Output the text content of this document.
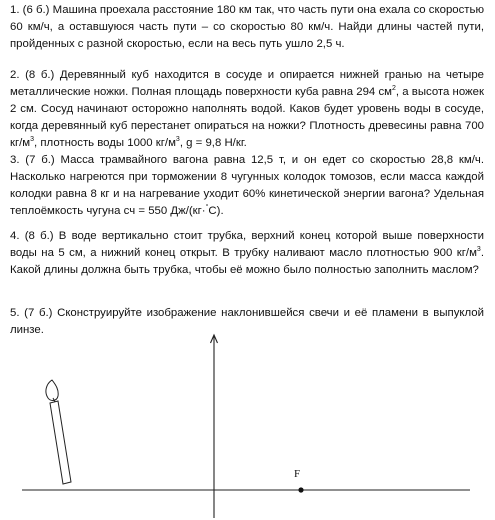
1. (6 б.) Машина проехала расстояние 180 км так, что часть пути она ехала со скоростью 60 км/ч, а оставшуюся часть пути – со скоростью 80 км/ч. Найди длины частей пути, пройденных с разной скоростью, если на весь путь ушло 2,5 ч.
2. (8 б.) Деревянный куб находится в сосуде и опирается нижней гранью на четыре металлические ножки. Полная площадь поверхности куба равна 294 $см^2$, а высота ножек 2 см. Сосуд начинают осторожно наполнять водой. Каков будет уровень воды в сосуде, когда деревянный куб перестанет опираться на ножки? Плотность древесины равна 700 $кг/м^3$, плотность воды 1000 $кг/м^3$, g = 9,8 Н/кг.
3. (7 б.) Масса трамвайного вагона равна 12,5 т, и он едет со скоростью 28,8 км/ч. Насколько нагреются при торможении 8 чугунных колодок томозов, если масса каждой колодки равна 8 кг и на нагревание уходит 60% кинетической энергии вагона? Удельная теплоёмкость чугуна cч = 550 Дж/(кг·°С).
4. (8 б.) В воде вертикально стоит трубка, верхний конец которой выше поверхности воды на 5 см, а нижний конец открыт. В трубку наливают масло плотностью 900 $кг/м^3$. Какой длины должна быть трубка, чтобы её можно было полностью заполнить маслом?
5. (7 б.) Сконструируйте изображение наклонившейся свечи и её пламени в выпуклой линзе.
F
